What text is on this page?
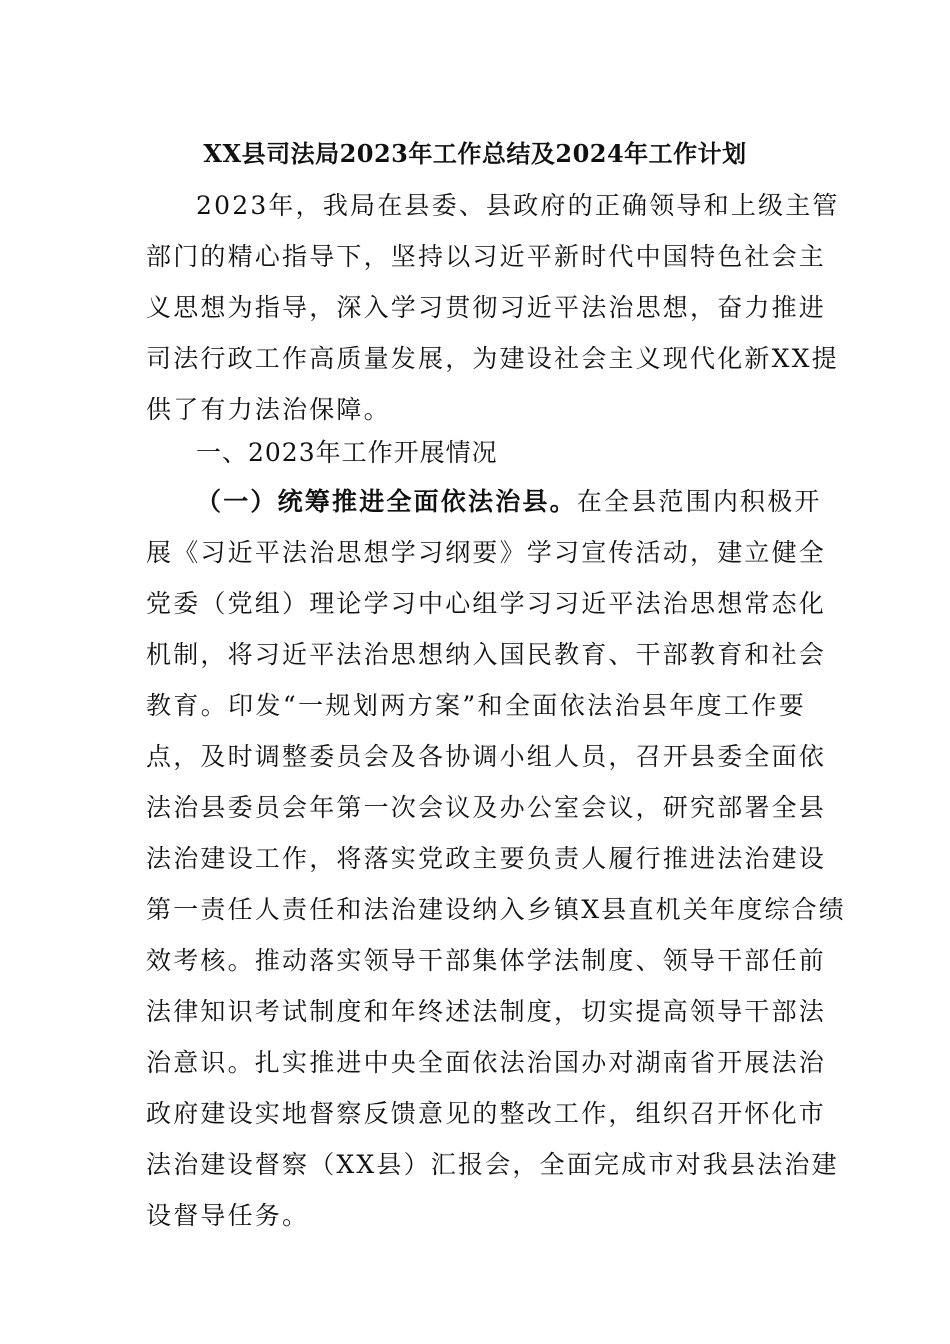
XX县司法局2023年工作总结及2024年工作计划
2023年，我局在县委、县政府的正确领导和上级主管
部门的精心指导下，坚持以习近平新时代中国特色社会主
义思想为指导，深入学习贯彻习近平法治思想，奋力推进
司法行政工作高质量发展，为建设社会主义现代化新XX提
供了有力法治保障。
一、2023年工作开展情况
（一）统筹推进全面依法治县。在全县范围内积极开
展《习近平法治思想学习纲要》学习宣传活动，建立健全
党委（党组）理论学习中心组学习习近平法治思想常态化
机制，将习近平法治思想纳入国民教育、干部教育和社会
教育。印发“一规划两方案”和全面依法治县年度工作要
点，及时调整委员会及各协调小组人员，召开县委全面依
法治县委员会年第一次会议及办公室会议，研究部署全县
法治建设工作，将落实党政主要负责人履行推进法治建设
第一责任人责任和法治建设纳入乡镇X县直机关年度综合绩
效考核。推动落实领导干部集体学法制度、领导干部任前
法律知识考试制度和年终述法制度，切实提高领导干部法
治意识。扎实推进中央全面依法治国办对湖南省开展法治
政府建设实地督察反馈意见的整改工作，组织召开怀化市
法治建设督察（XX县）汇报会，全面完成市对我县法治建
设督导任务。
